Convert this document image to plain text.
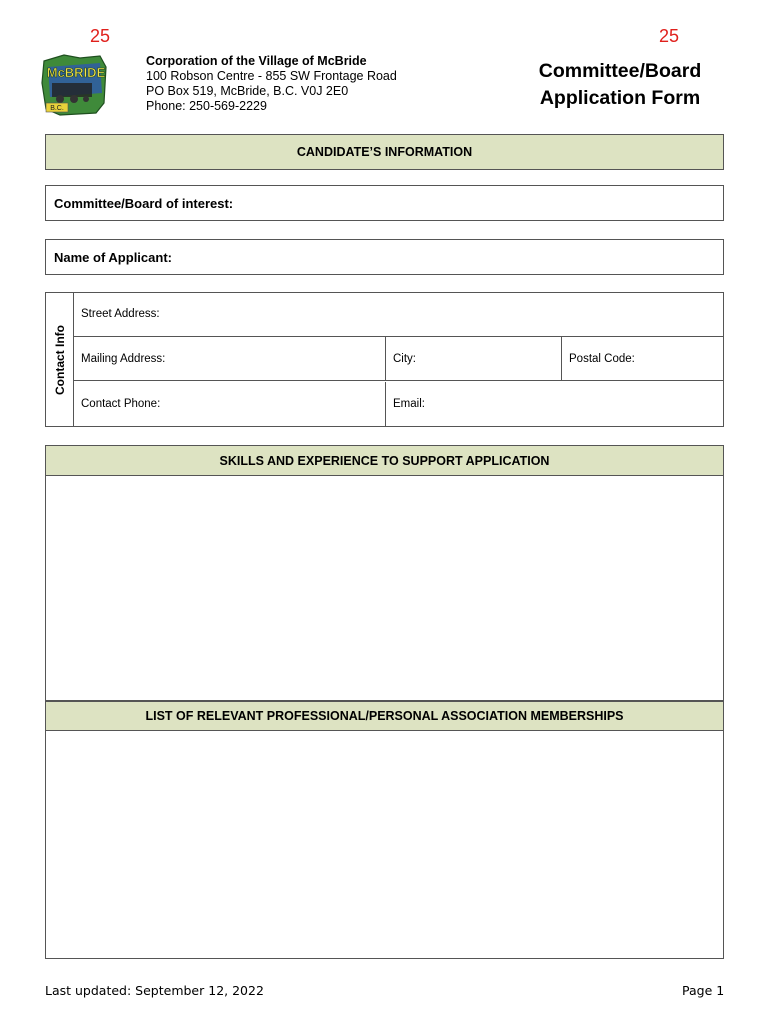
25	25
McBRIDE
B.C.
Corporation of the Village of McBride
100 Robson Centre - 855 SW Frontage Road
PO Box 519, McBride, B.C. V0J 2E0
Phone: 250-569-2229
Committee/Board
Application Form
CANDIDATE’S INFORMATION
Committee/Board of interest:
Name of Applicant:
Contact Info
Street Address:
Mailing Address:	City:	Postal Code:
Contact Phone:	Email:
SKILLS AND EXPERIENCE TO SUPPORT APPLICATION
LIST OF RELEVANT PROFESSIONAL/PERSONAL ASSOCIATION MEMBERSHIPS
Last updated: September 12, 2022	Page 1
